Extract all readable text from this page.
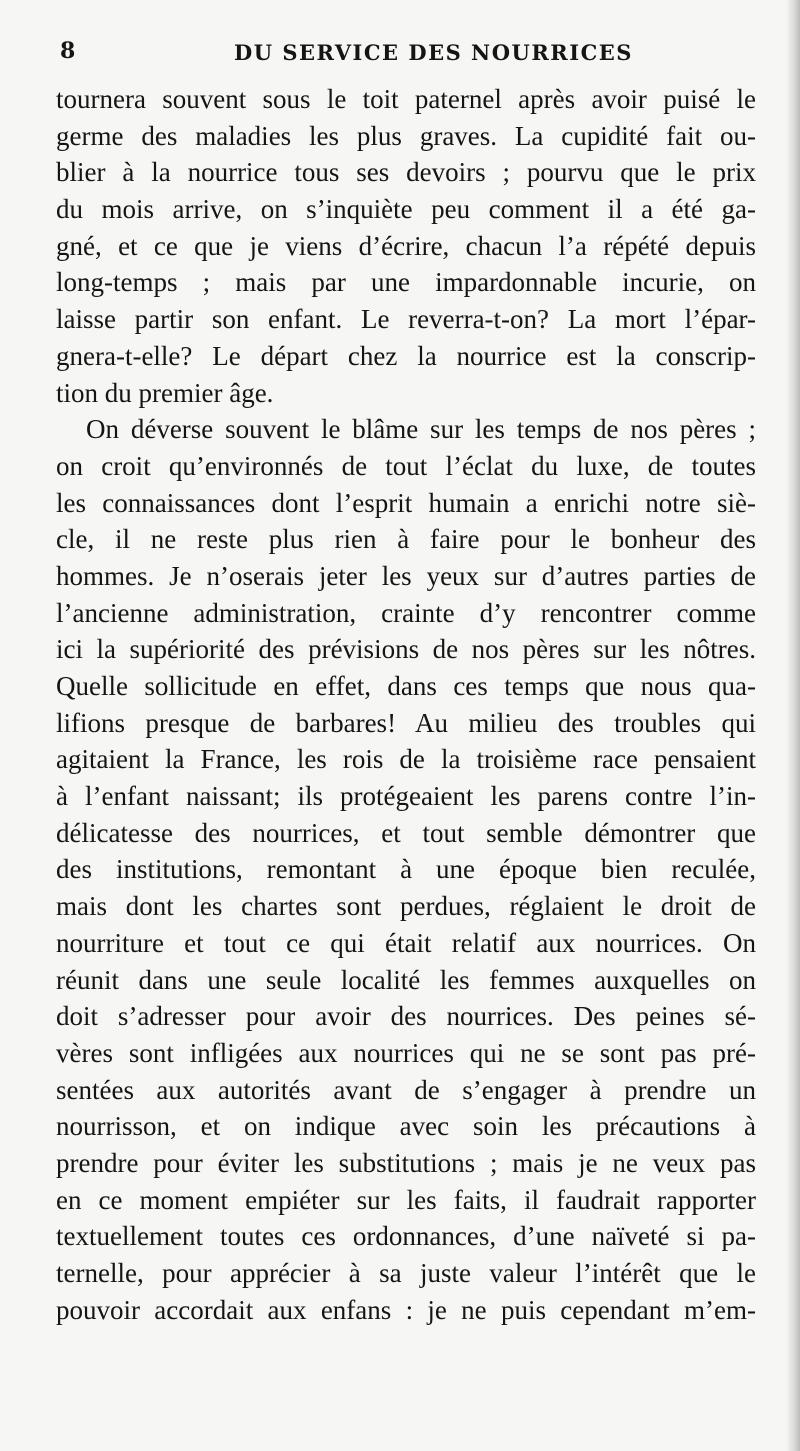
8	DU SERVICE DES NOURRICES
tournera souvent sous le toit paternel après avoir puisé le
germe des maladies les plus graves. La cupidité fait ou-
blier à la nourrice tous ses devoirs ; pourvu que le prix
du mois arrive, on s’inquiète peu comment il a été ga-
gné, et ce que je viens d’écrire, chacun l’a répété depuis
long-temps ; mais par une impardonnable incurie, on
laisse partir son enfant. Le reverra-t-on? La mort l’épar-
gnera-t-elle? Le départ chez la nourrice est la conscrip-
tion du premier âge.
On déverse souvent le blâme sur les temps de nos pères ;
on croit qu’environnés de tout l’éclat du luxe, de toutes
les connaissances dont l’esprit humain a enrichi notre siè-
cle, il ne reste plus rien à faire pour le bonheur des
hommes. Je n’oserais jeter les yeux sur d’autres parties de
l’ancienne administration, crainte d’y rencontrer comme
ici la supériorité des prévisions de nos pères sur les nôtres.
Quelle sollicitude en effet, dans ces temps que nous qua-
lifions presque de barbares! Au milieu des troubles qui
agitaient la France, les rois de la troisième race pensaient
à l’enfant naissant; ils protégeaient les parens contre l’in-
délicatesse des nourrices, et tout semble démontrer que
des institutions, remontant à une époque bien reculée,
mais dont les chartes sont perdues, réglaient le droit de
nourriture et tout ce qui était relatif aux nourrices. On
réunit dans une seule localité les femmes auxquelles on
doit s’adresser pour avoir des nourrices. Des peines sé-
vères sont infligées aux nourrices qui ne se sont pas pré-
sentées aux autorités avant de s’engager à prendre un
nourrisson, et on indique avec soin les précautions à
prendre pour éviter les substitutions ; mais je ne veux pas
en ce moment empiéter sur les faits, il faudrait rapporter
textuellement toutes ces ordonnances, d’une naïveté si pa-
ternelle, pour apprécier à sa juste valeur l’intérêt que le
pouvoir accordait aux enfans : je ne puis cependant m’em-
